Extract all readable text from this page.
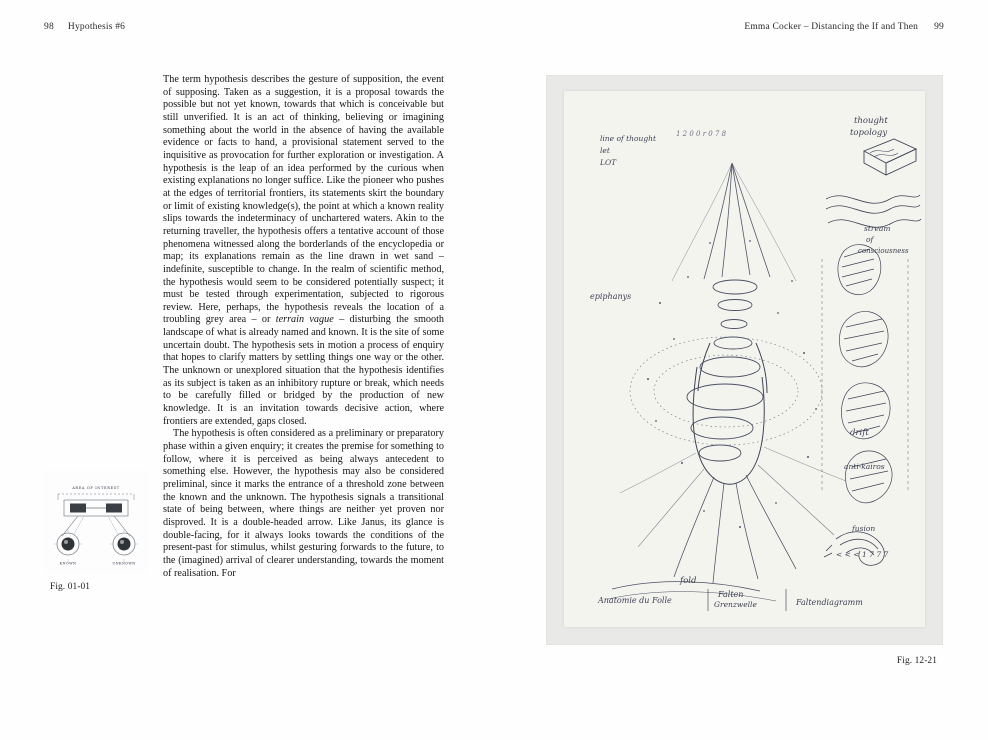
98 Hypothesis #6	Emma Cocker – Distancing the If and Then 99

The term hypothesis describes the gesture of supposition, the event of supposing. Taken as a suggestion, it is a proposal towards the possible but not yet known, towards that which is conceivable but still unverified. It is an act of thinking, believing or imagining something about the world in the absence of having the available evidence or facts to hand, a provisional statement served to the inquisitive as provocation for further exploration or investigation. A hypothesis is the leap of an idea performed by the curious when existing explanations no longer suffice. Like the pioneer who pushes at the edges of territorial frontiers, its statements skirt the boundary or limit of existing knowledge(s), the point at which a known reality slips towards the indeterminacy of unchartered waters. Akin to the returning traveller, the hypothesis offers a tentative account of those phenomena witnessed along the borderlands of the encyclopedia or map; its explanations remain as the line drawn in wet sand – indefinite, susceptible to change. In the realm of scientific method, the hypothesis would seem to be considered potentially suspect; it must be tested through experimentation, subjected to rigorous review. Here, perhaps, the hypothesis reveals the location of a troubling grey area – or terrain vague – disturbing the smooth landscape of what is already named and known. It is the site of some uncertain doubt. The hypothesis sets in motion a process of enquiry that hopes to clarify matters by settling things one way or the other. The unknown or unexplored situation that the hypothesis identifies as its subject is taken as an inhibitory rupture or break, which needs to be carefully filled or bridged by the production of new knowledge. It is an invitation towards decisive action, where frontiers are extended, gaps closed.

The hypothesis is often considered as a preliminary or preparatory phase within a given enquiry; it creates the premise for something to follow, where it is perceived as being always antecedent to something else. However, the hypothesis may also be considered preliminal, since it marks the entrance of a threshold zone between the known and the unknown. The hypothesis signals a transitional state of being between, where things are neither yet proven nor disproved. It is a double-headed arrow. Like Janus, its glance is double-facing, for it always looks towards the conditions of the present-past for stimulus, whilst gesturing forwards to the future, to the (imagined) arrival of clearer understanding, towards the moment of realisation. For

AREA OF INTEREST
KNOWN	UNKNOWN
Fig. 01-01
line of thought	1 2 0 0 r 0 7 8
let
LOT
thought
topology
stream
of
consciousness
epiphanys
drift
anti-kairos
fusion
< < < 1 7 7 7
fold
Anatomie du Folle
Falten
Grenzwelle	Faltendiagramm
Fig. 12-21
